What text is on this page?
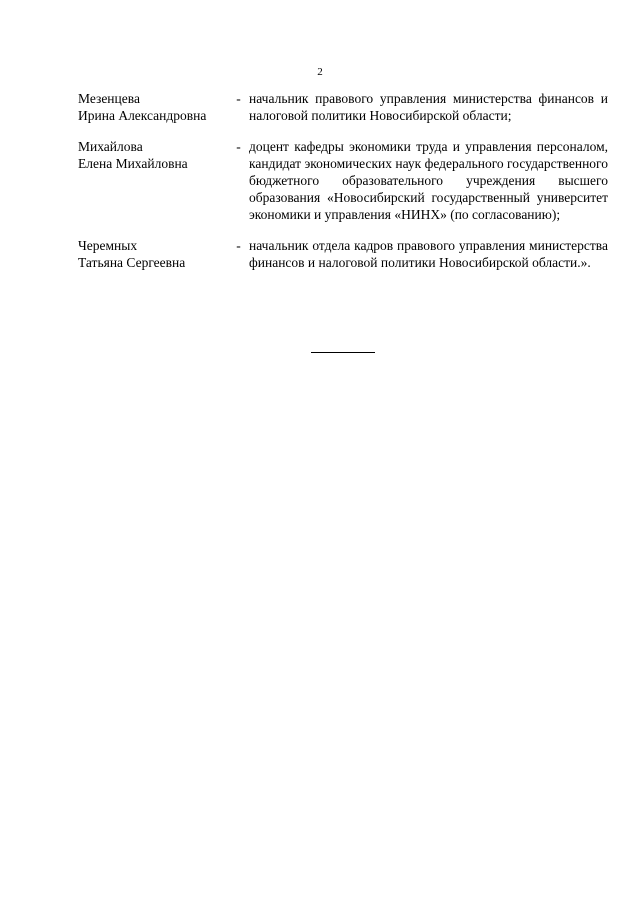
2
Мезенцева
Ирина Александровна
- начальник правового управления министерства финансов и налоговой политики Новосибирской области;
Михайлова
Елена Михайловна
- доцент кафедры экономики труда и управления персоналом, кандидат экономических наук федерального государственного бюджетного образовательного учреждения высшего образования «Новосибирский государственный университет экономики и управления «НИНХ» (по согласованию);
Черемных
Татьяна Сергеевна
- начальник отдела кадров правового управления министерства финансов и налоговой политики Новосибирской области.».
